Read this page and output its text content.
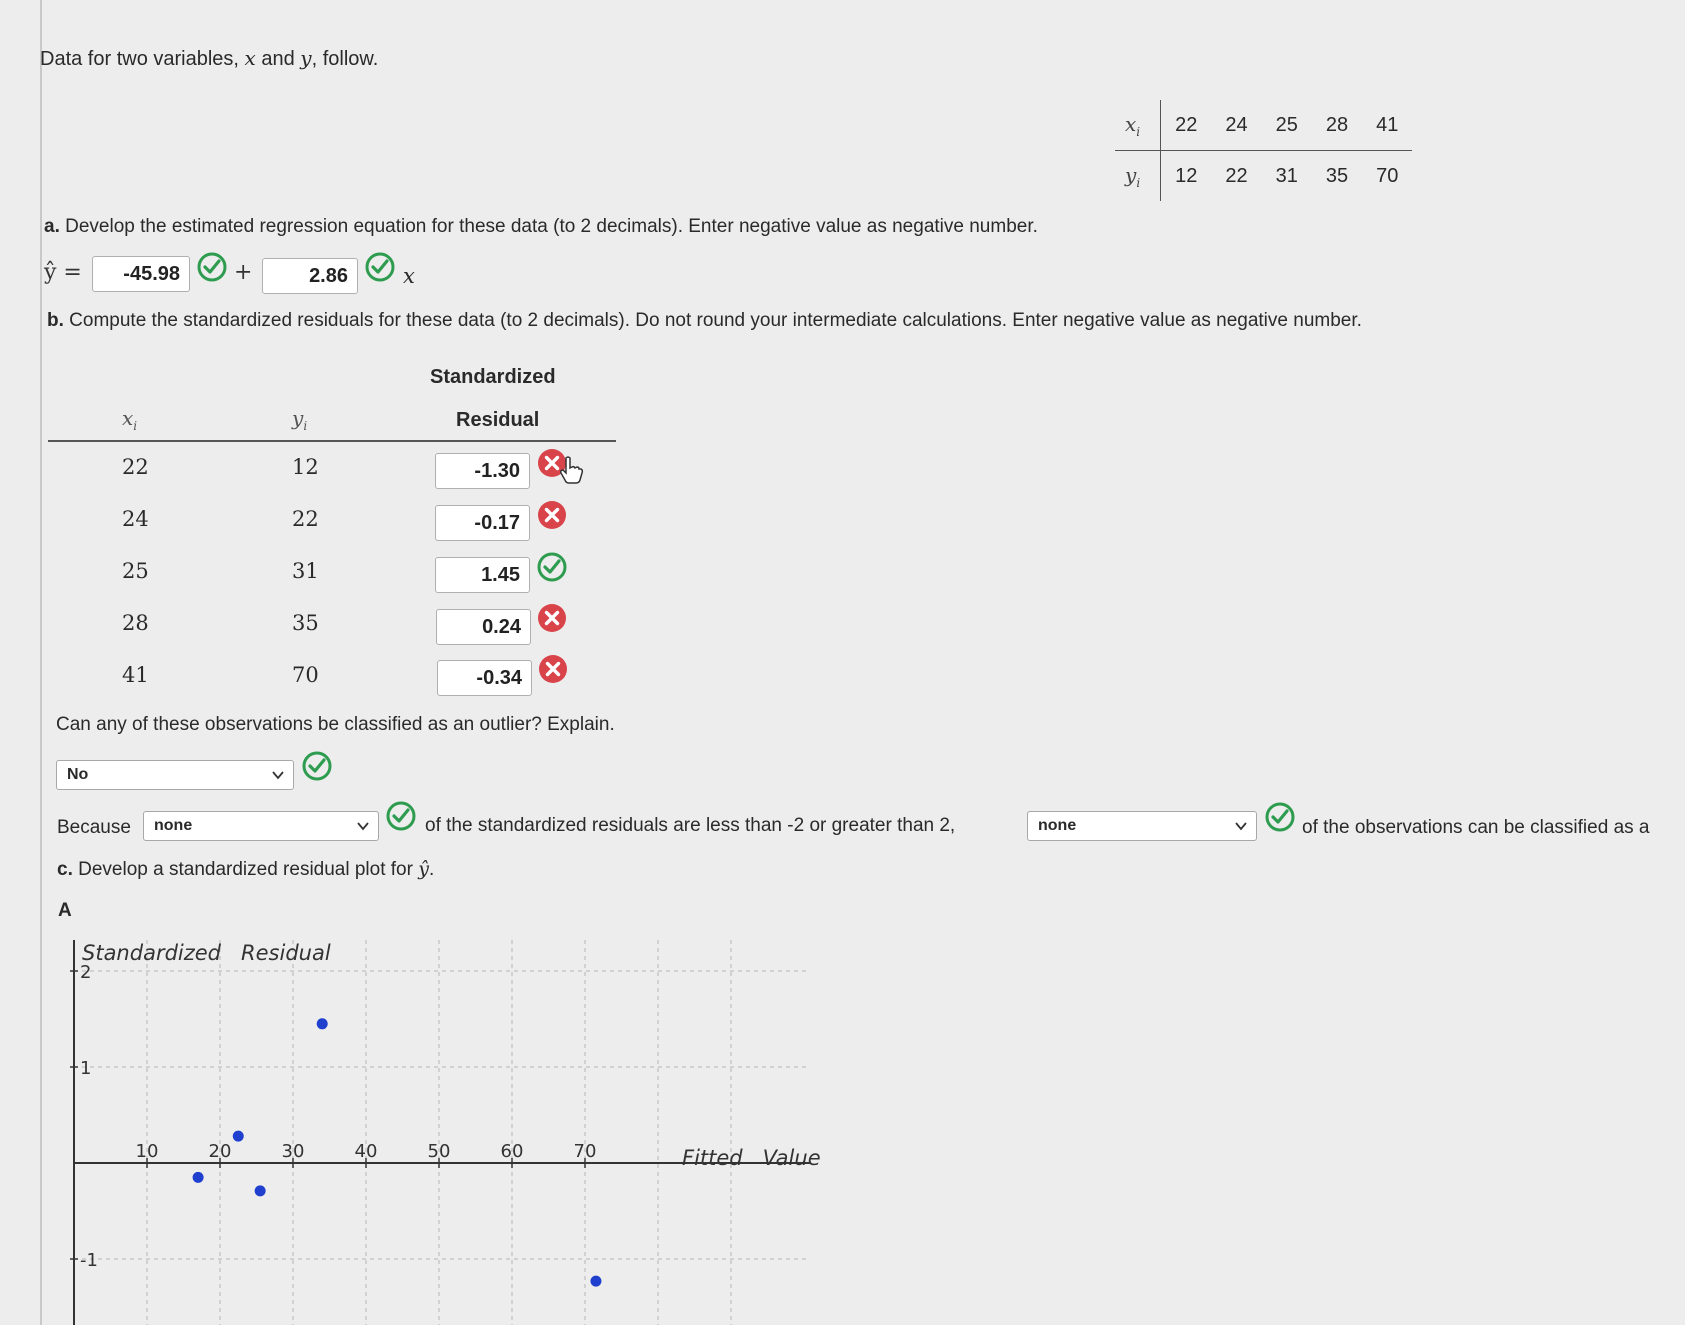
Data for two variables, x and y, follow.
$x_i$	22	24	25	28	41
$y_i$	12	22	31	35	70
a. Develop the estimated regression equation for these data (to 2 decimals). Enter negative value as negative number.
ŷ =	-45.98	+	2.86	x
b. Compute the standardized residuals for these data (to 2 decimals). Do not round your intermediate calculations. Enter negative value as negative number.
Standardized
$x_i$	$y_i$	Residual
22	12	-1.30
24	22	-0.17
25	31	1.45
28	35	0.24
41	70	-0.34
Can any of these observations be classified as an outlier? Explain.
No
Because	none	of the standardized residuals are less than -2 or greater than 2,	none	of the observations can be classified as a
c. Develop a standardized residual plot for ŷ.
A
10	20	30	40	50	60	70
2
1
-1
Standardized   Residual
Fitted   Value
